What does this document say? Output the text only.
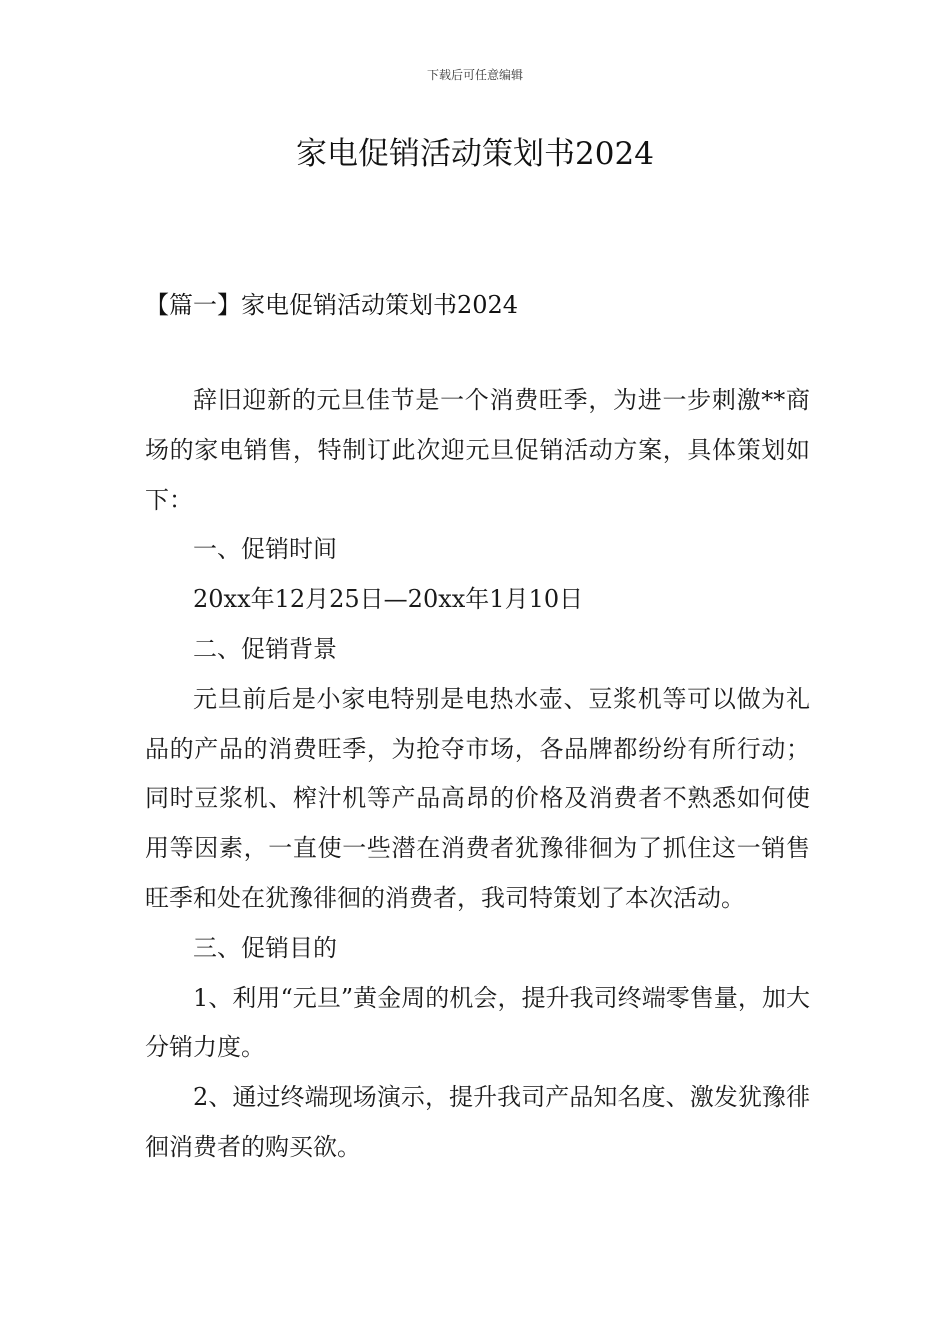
下载后可任意编辑
家电促销活动策划书2024
【篇一】家电促销活动策划书2024

辞旧迎新的元旦佳节是一个消费旺季，为进一步刺激**商场的家电销售，特制订此次迎元旦促销活动方案，具体策划如下：

一、促销时间

20xx年12月25日—20xx年1月10日

二、促销背景

元旦前后是小家电特别是电热水壶、豆浆机等可以做为礼品的产品的消费旺季，为抢夺市场，各品牌都纷纷有所行动；同时豆浆机、榨汁机等产品高昂的价格及消费者不熟悉如何使用等因素，一直使一些潜在消费者犹豫徘徊为了抓住这一销售旺季和处在犹豫徘徊的消费者，我司特策划了本次活动。

三、促销目的

1、利用“元旦”黄金周的机会，提升我司终端零售量，加大分销力度。

2、通过终端现场演示，提升我司产品知名度、激发犹豫徘徊消费者的购买欲。
